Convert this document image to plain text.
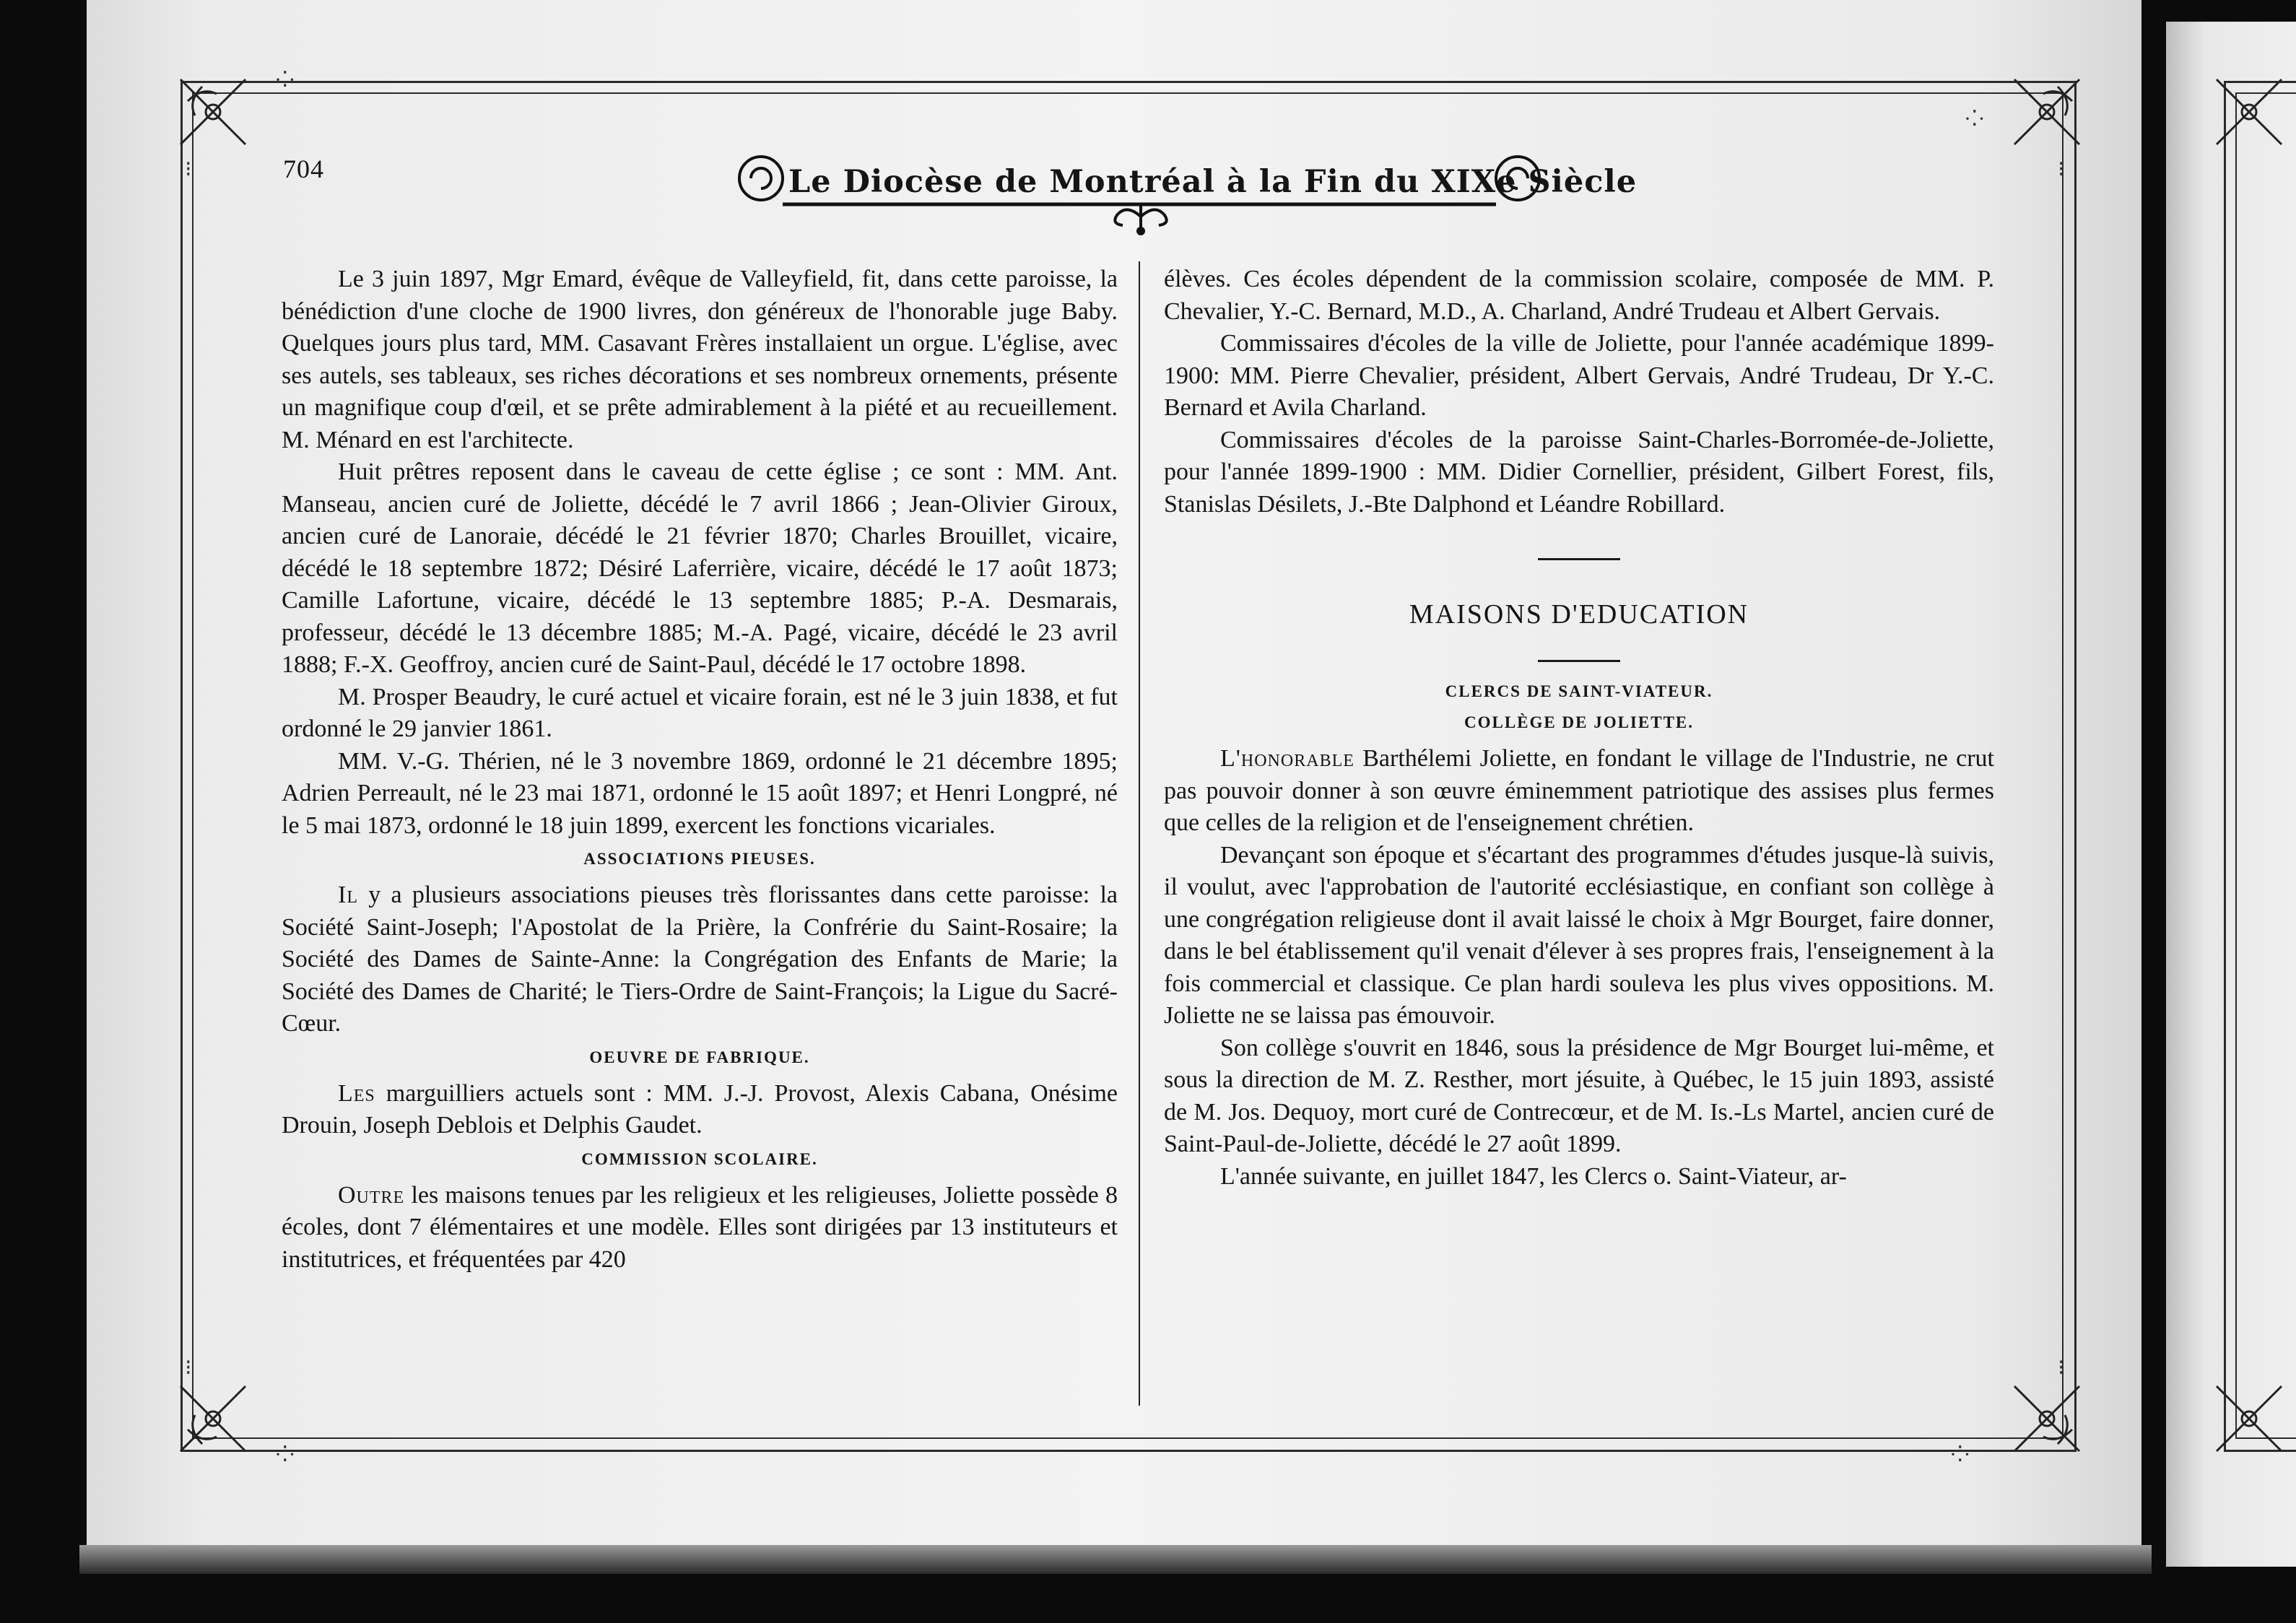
⁝	⁝
⁝	⁝
·⁚·
·⁚·
·⁚·	·⁚·
704	Le Diocèse de Montréal à la Fin du XIXe Siècle

Le 3 juin 1897, Mgr Emard, évêque de Valleyfield, fit, dans cette paroisse, la bénédiction d'une cloche de 1900 livres, don généreux de l'honorable juge Baby. Quelques jours plus tard, MM. Casavant Frères installaient un orgue. L'église, avec ses autels, ses tableaux, ses riches décorations et ses nombreux ornements, présente un magnifique coup d'œil, et se prête admirablement à la piété et au recueillement. M. Ménard en est l'architecte.

Huit prêtres reposent dans le caveau de cette église ; ce sont : MM. Ant. Manseau, ancien curé de Joliette, décédé le 7 avril 1866 ; Jean-Olivier Giroux, ancien curé de Lanoraie, décédé le 21 février 1870; Charles Brouillet, vicaire, décédé le 18 septembre 1872; Désiré Laferrière, vicaire, décédé le 17 août 1873; Camille Lafortune, vicaire, décédé le 13 septembre 1885; P.-A. Desmarais, professeur, décédé le 13 décembre 1885; M.-A. Pagé, vicaire, décédé le 23 avril 1888; F.-X. Geoffroy, ancien curé de Saint-Paul, décédé le 17 octobre 1898.

M. Prosper Beaudry, le curé actuel et vicaire forain, est né le 3 juin 1838, et fut ordonné le 29 janvier 1861.

MM. V.-G. Thérien, né le 3 novembre 1869, ordonné le 21 décembre 1895; Adrien Perreault, né le 23 mai 1871, ordonné le 15 août 1897; et Henri Longpré, né le 5 mai 1873, ordonné le 18 juin 1899, exercent les fonctions vicariales.

ASSOCIATIONS PIEUSES.

Il y a plusieurs associations pieuses très florissantes dans cette paroisse: la Société Saint-Joseph; l'Apostolat de la Prière, la Confrérie du Saint-Rosaire; la Société des Dames de Sainte-Anne: la Congrégation des Enfants de Marie; la Société des Dames de Charité; le Tiers-Ordre de Saint-François; la Ligue du Sacré-Cœur.

OEUVRE DE FABRIQUE.

Les marguilliers actuels sont : MM. J.-J. Provost, Alexis Cabana, Onésime Drouin, Joseph Deblois et Delphis Gaudet.

COMMISSION SCOLAIRE.

Outre les maisons tenues par les religieux et les religieuses, Joliette possède 8 écoles, dont 7 élémentaires et une modèle. Elles sont dirigées par 13 instituteurs et institutrices, et fréquentées par 420

élèves. Ces écoles dépendent de la commission scolaire, composée de MM. P. Chevalier, Y.-C. Bernard, M.D., A. Charland, André Trudeau et Albert Gervais.

Commissaires d'écoles de la ville de Joliette, pour l'année académique 1899-1900: MM. Pierre Chevalier, président, Albert Gervais, André Trudeau, Dr Y.-C. Bernard et Avila Charland.

Commissaires d'écoles de la paroisse Saint-Charles-Borromée-de-Joliette, pour l'année 1899-1900 : MM. Didier Cornellier, président, Gilbert Forest, fils, Stanislas Désilets, J.-Bte Dalphond et Léandre Robillard.

MAISONS D'EDUCATION
CLERCS DE SAINT-VIATEUR.
COLLÈGE DE JOLIETTE.

L'honorable Barthélemi Joliette, en fondant le village de l'Industrie, ne crut pas pouvoir donner à son œuvre éminemment patriotique des assises plus fermes que celles de la religion et de l'enseignement chrétien.

Devançant son époque et s'écartant des programmes d'études jusque-là suivis, il voulut, avec l'approbation de l'autorité ecclésiastique, en confiant son collège à une congrégation religieuse dont il avait laissé le choix à Mgr Bourget, faire donner, dans le bel établissement qu'il venait d'élever à ses propres frais, l'enseignement à la fois commercial et classique. Ce plan hardi souleva les plus vives oppositions. M. Joliette ne se laissa pas émouvoir.

Son collège s'ouvrit en 1846, sous la présidence de Mgr Bourget lui-même, et sous la direction de M. Z. Resther, mort jésuite, à Québec, le 15 juin 1893, assisté de M. Jos. Dequoy, mort curé de Contrecœur, et de M. Is.-Ls Martel, ancien curé de Saint-Paul-de-Joliette, décédé le 27 août 1899.

L'année suivante, en juillet 1847, les Clercs o. Saint-Viateur, ar-
